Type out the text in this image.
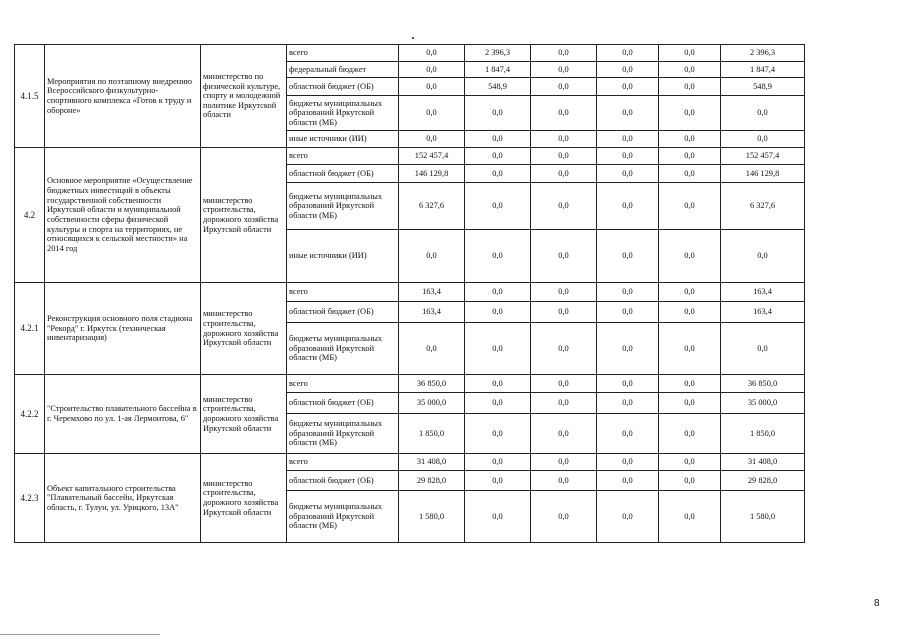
4.1.5	Мероприятия по поэтапному внедрению Всероссийского физкультурно-спортивного комплекса «Готов к труду и обороне»	министерство по физической культуре, спорту и молодежной политике Иркутской области	всего	0,0	2 396,3	0,0	0,0	0,0	2 396,3
			федеральный бюджет	0,0	1 847,4	0,0	0,0	0,0	1 847,4
			областной бюджет (ОБ)	0,0	548,9	0,0	0,0	0,0	548,9
			бюджеты муниципальных образований Иркутской области (МБ)	0,0	0,0	0,0	0,0	0,0	0,0
			иные источники (ИИ)	0,0	0,0	0,0	0,0	0,0	0,0
4.2	Основное мероприятие «Осуществление бюджетных инвестиций в объекты государственной собственности Иркутской области и муниципальной собственности сферы физической культуры и спорта на территориях, не относящихся к сельской местности» на 2014 год	министерство строительства, дорожного хозяйства Иркутской области	всего	152 457,4	0,0	0,0	0,0	0,0	152 457,4
			областной бюджет (ОБ)	146 129,8	0,0	0,0	0,0	0,0	146 129,8
			бюджеты муниципальных образований Иркутской области (МБ)	6 327,6	0,0	0,0	0,0	0,0	6 327,6
			иные источники (ИИ)	0,0	0,0	0,0	0,0	0,0	0,0
4.2.1	Реконструкция основного поля стадиона "Рекорд" г. Иркутск (техническая инвентаризация)	министерство строительства, дорожного хозяйства Иркутской области	всего	163,4	0,0	0,0	0,0	0,0	163,4
			областной бюджет (ОБ)	163,4	0,0	0,0	0,0	0,0	163,4
			бюджеты муниципальных образований Иркутской области (МБ)	0,0	0,0	0,0	0,0	0,0	0,0
4.2.2	"Строительство плавательного бассейна в г. Черемхово по ул. 1-ая Лермонтова, 6"	министерство строительства, дорожного хозяйства Иркутской области	всего	36 850,0	0,0	0,0	0,0	0,0	36 850,0
			областной бюджет (ОБ)	35 000,0	0,0	0,0	0,0	0,0	35 000,0
			бюджеты муниципальных образований Иркутской области (МБ)	1 850,0	0,0	0,0	0,0	0,0	1 850,0
4.2.3	Объект капитального строительства "Плавательный бассейн, Иркутская область, г. Тулун, ул. Урицкого, 13А"	министерство строительства, дорожного хозяйства Иркутской области	всего	31 408,0	0,0	0,0	0,0	0,0	31 408,0
			областной бюджет (ОБ)	29 828,0	0,0	0,0	0,0	0,0	29 828,0
			бюджеты муниципальных образований Иркутской области (МБ)	1 580,0	0,0	0,0	0,0	0,0	1 580,0
8
